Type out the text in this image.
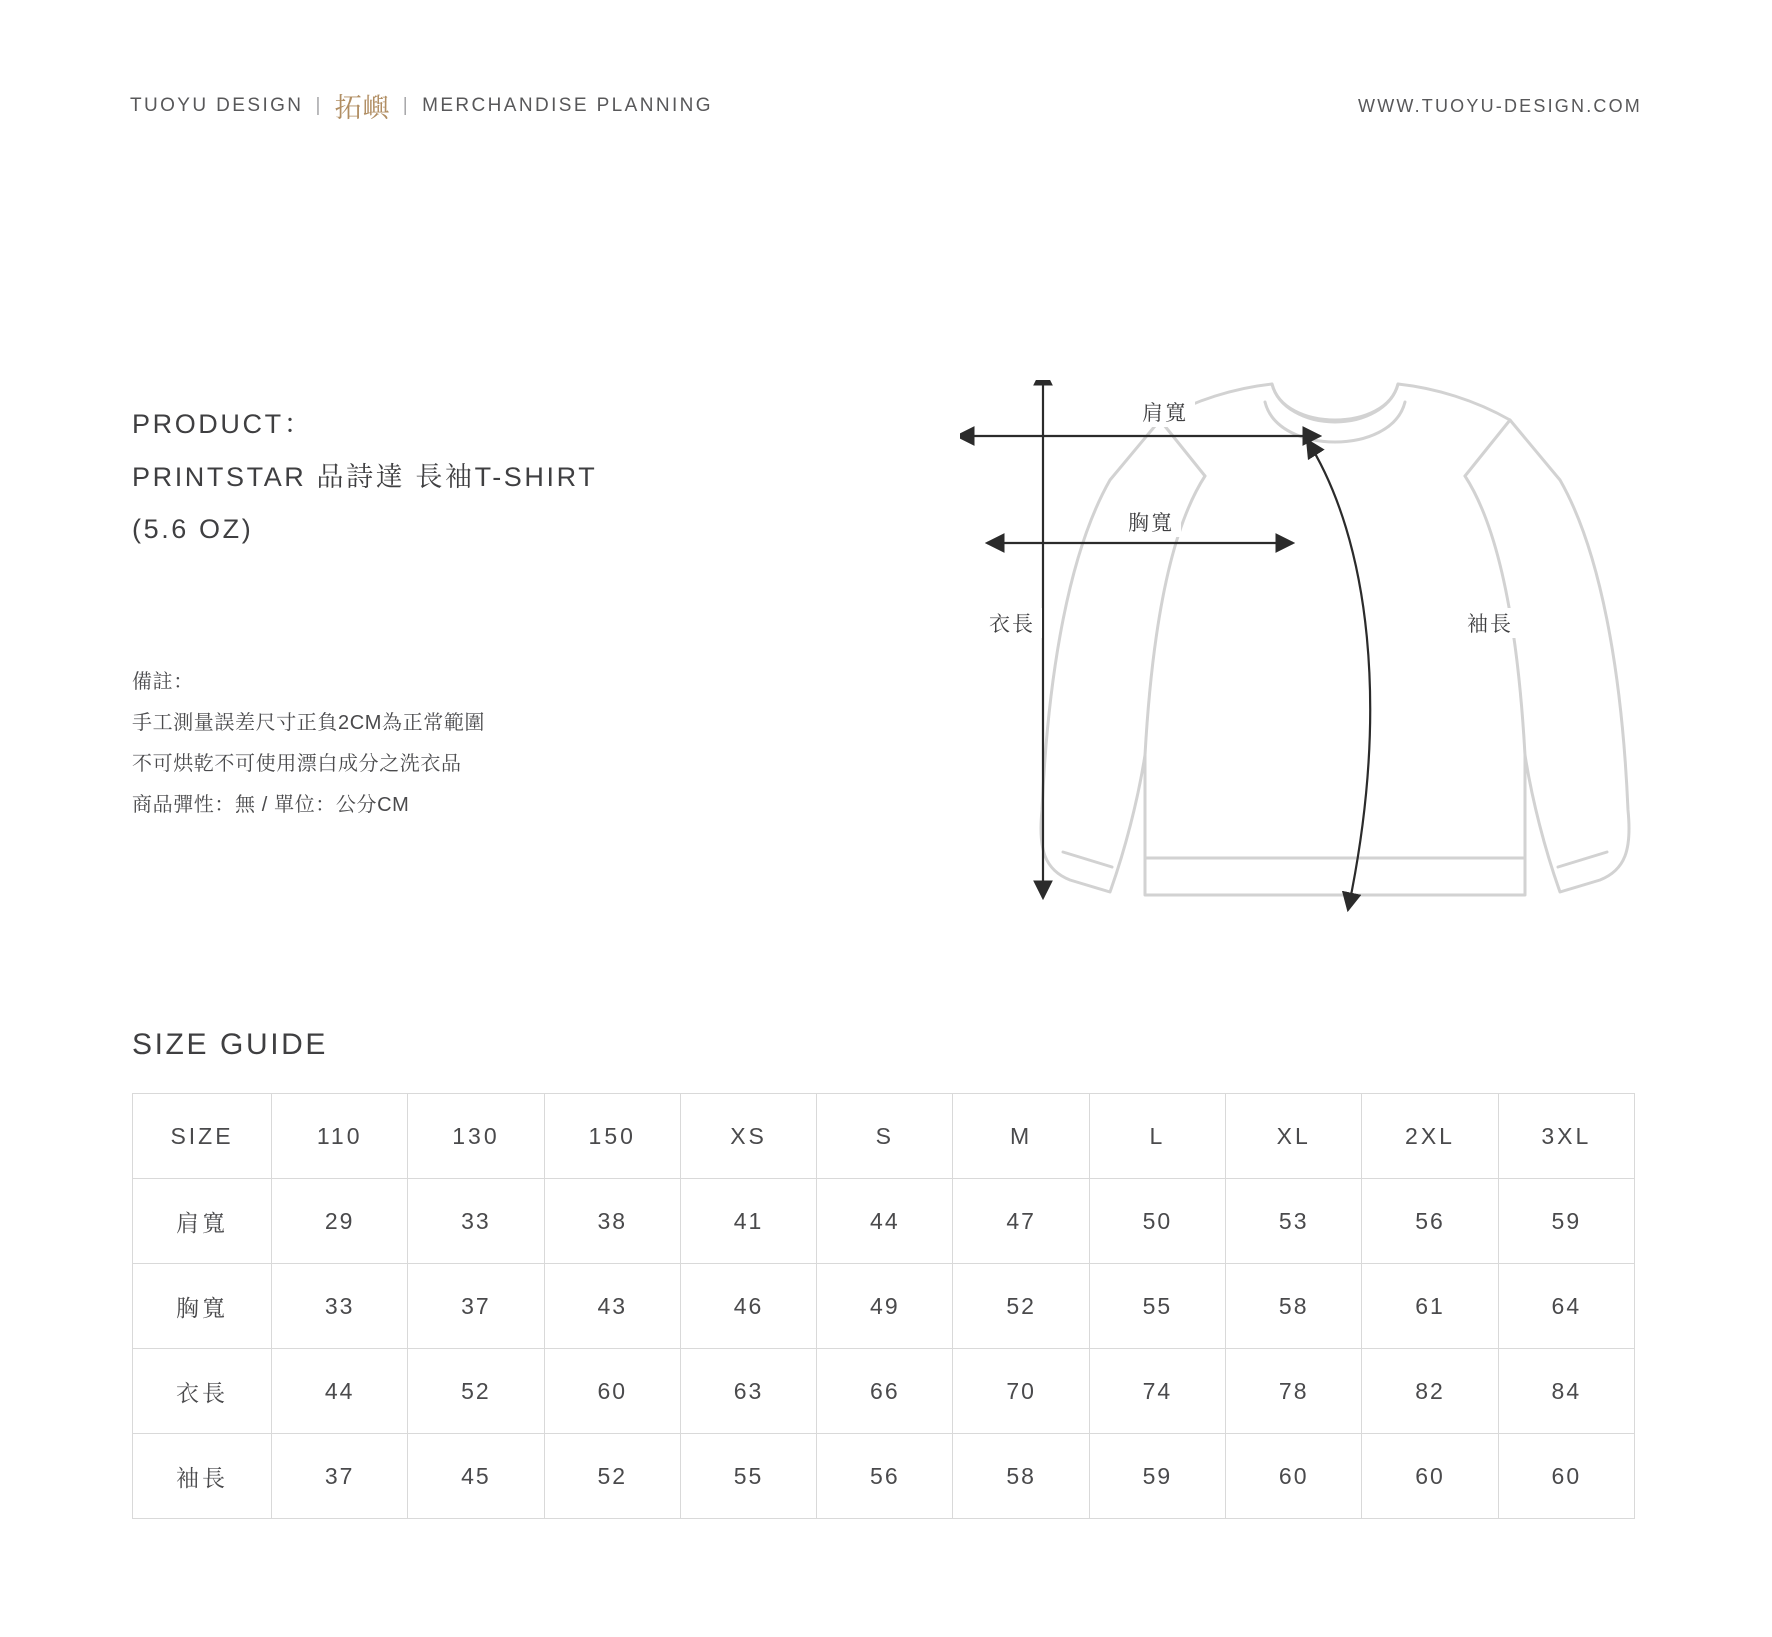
TUOYU DESIGN | 拓嶼 | MERCHANDISE PLANNING	WWW.TUOYU-DESIGN.COM
PRODUCT：
PRINTSTAR 品詩達 長袖T-SHIRT
(5.6 OZ)
備註：
手工測量誤差尺寸正負2CM為正常範圍
不可烘乾不可使用漂白成分之洗衣品
商品彈性：無 / 單位：公分CM
肩寬
胸寬
衣長	袖長
SIZE GUIDE
SIZE	110	130	150	XS	S	M	L	XL	2XL	3XL
肩寬	29	33	38	41	44	47	50	53	56	59
胸寬	33	37	43	46	49	52	55	58	61	64
衣長	44	52	60	63	66	70	74	78	82	84
袖長	37	45	52	55	56	58	59	60	60	60
